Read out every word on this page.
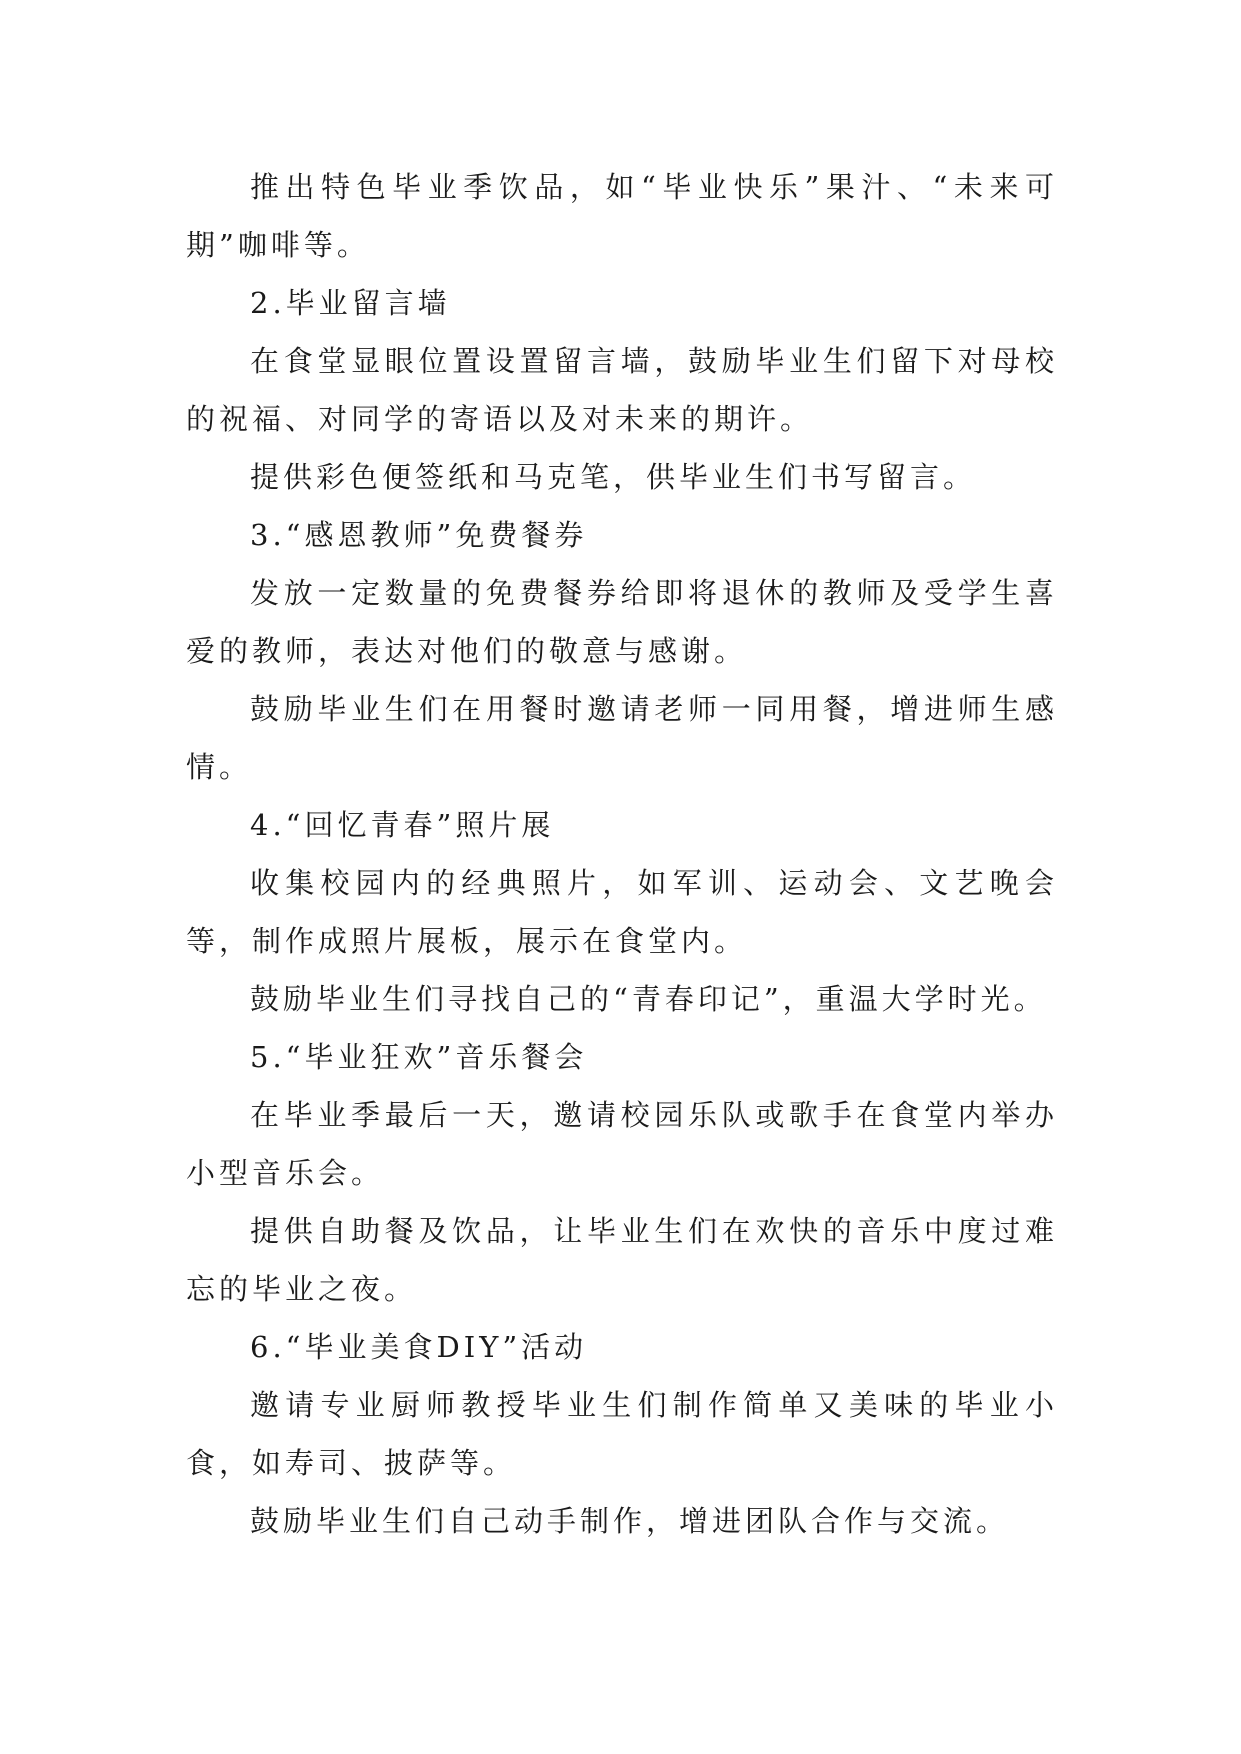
推出特色毕业季饮品，如“毕业快乐”果汁、“未来可期”咖啡等。

2.毕业留言墙

在食堂显眼位置设置留言墙，鼓励毕业生们留下对母校的祝福、对同学的寄语以及对未来的期许。

提供彩色便签纸和马克笔，供毕业生们书写留言。

3.“感恩教师”免费餐券

发放一定数量的免费餐券给即将退休的教师及受学生喜爱的教师，表达对他们的敬意与感谢。

鼓励毕业生们在用餐时邀请老师一同用餐，增进师生感情。

4.“回忆青春”照片展

收集校园内的经典照片，如军训、运动会、文艺晚会等，制作成照片展板，展示在食堂内。

鼓励毕业生们寻找自己的“青春印记”，重温大学时光。

5.“毕业狂欢”音乐餐会

在毕业季最后一天，邀请校园乐队或歌手在食堂内举办小型音乐会。

提供自助餐及饮品，让毕业生们在欢快的音乐中度过难忘的毕业之夜。

6.“毕业美食DIY”活动

邀请专业厨师教授毕业生们制作简单又美味的毕业小食，如寿司、披萨等。

鼓励毕业生们自己动手制作，增进团队合作与交流。
